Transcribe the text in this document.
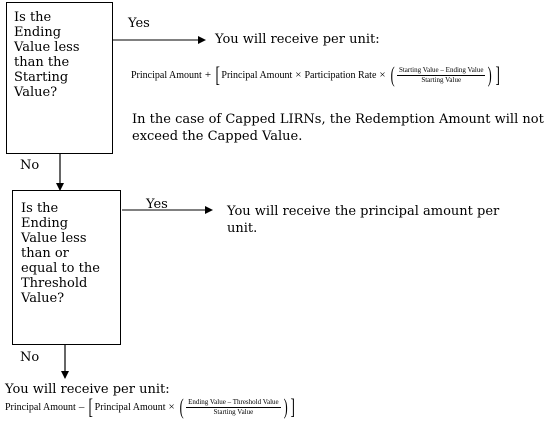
Is the
Ending
Value less
than the
Starting
Value?
Yes
No
You will receive per unit:
Principal Amount + [ Principal Amount × Participation Rate × ( $\frac{\text{Starting Value – Ending Value}}{\text{Starting Value}}$ ) ]
In the case of Capped LIRNs, the Redemption Amount will not exceed the Capped Value.
Is the
Ending
Value less
than or
equal to the
Threshold
Value?
Yes
No
You will receive the principal amount per unit.
You will receive per unit:
Principal Amount – [ Principal Amount × ( $\frac{\text{Ending Value – Threshold Value}}{\text{Starting Value}}$ ) ]
